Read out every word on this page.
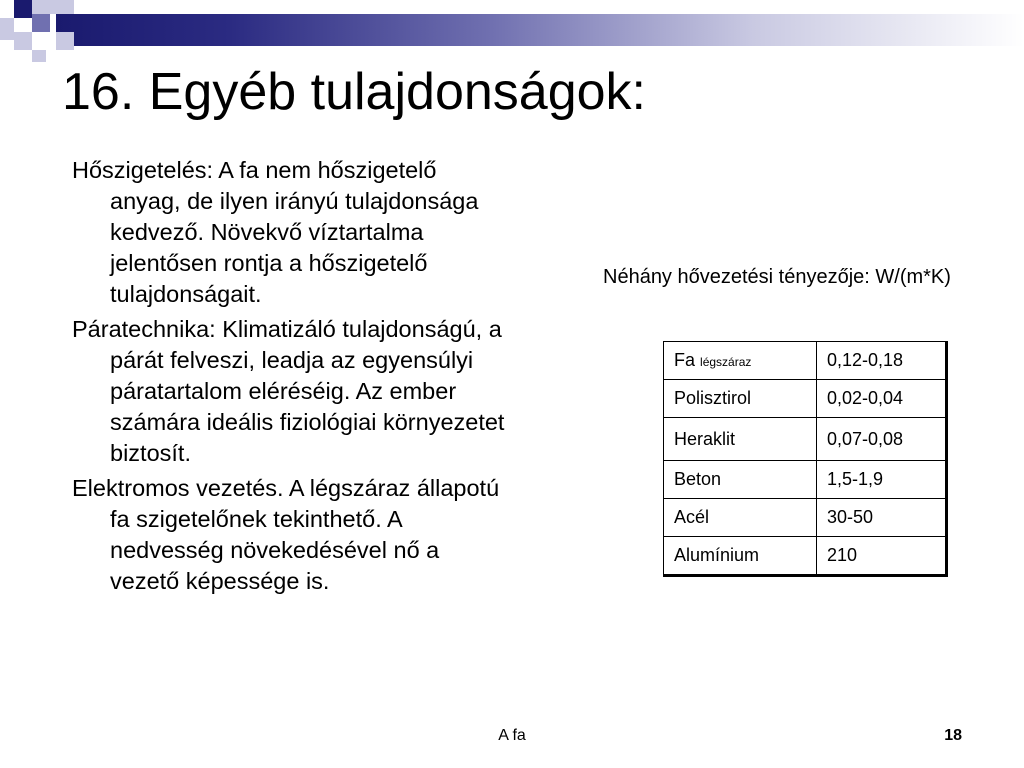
16. Egyéb tulajdonságok:

Hőszigetelés: A fa nem hőszigetelő anyag, de ilyen irányú tulajdonsága kedvező. Növekvő víztartalma jelentősen rontja a hőszigetelő tulajdonságait.

Páratechnika: Klimatizáló tulajdonságú, a párát felveszi, leadja az egyensúlyi páratartalom eléréséig. Az ember számára ideális fiziológiai környezetet biztosít.

Elektromos vezetés. A légszáraz állapotú fa szigetelőnek tekinthető. A nedvesség növekedésével nő a vezető képessége is.

Néhány hővezetési tényezője: W/(m*K)
Fa légszáraz	0,12-0,18
Polisztirol	0,02-0,04
Heraklit	0,07-0,08
Beton	1,5-1,9
Acél	30-50
Alumínium	210
A fa	18
